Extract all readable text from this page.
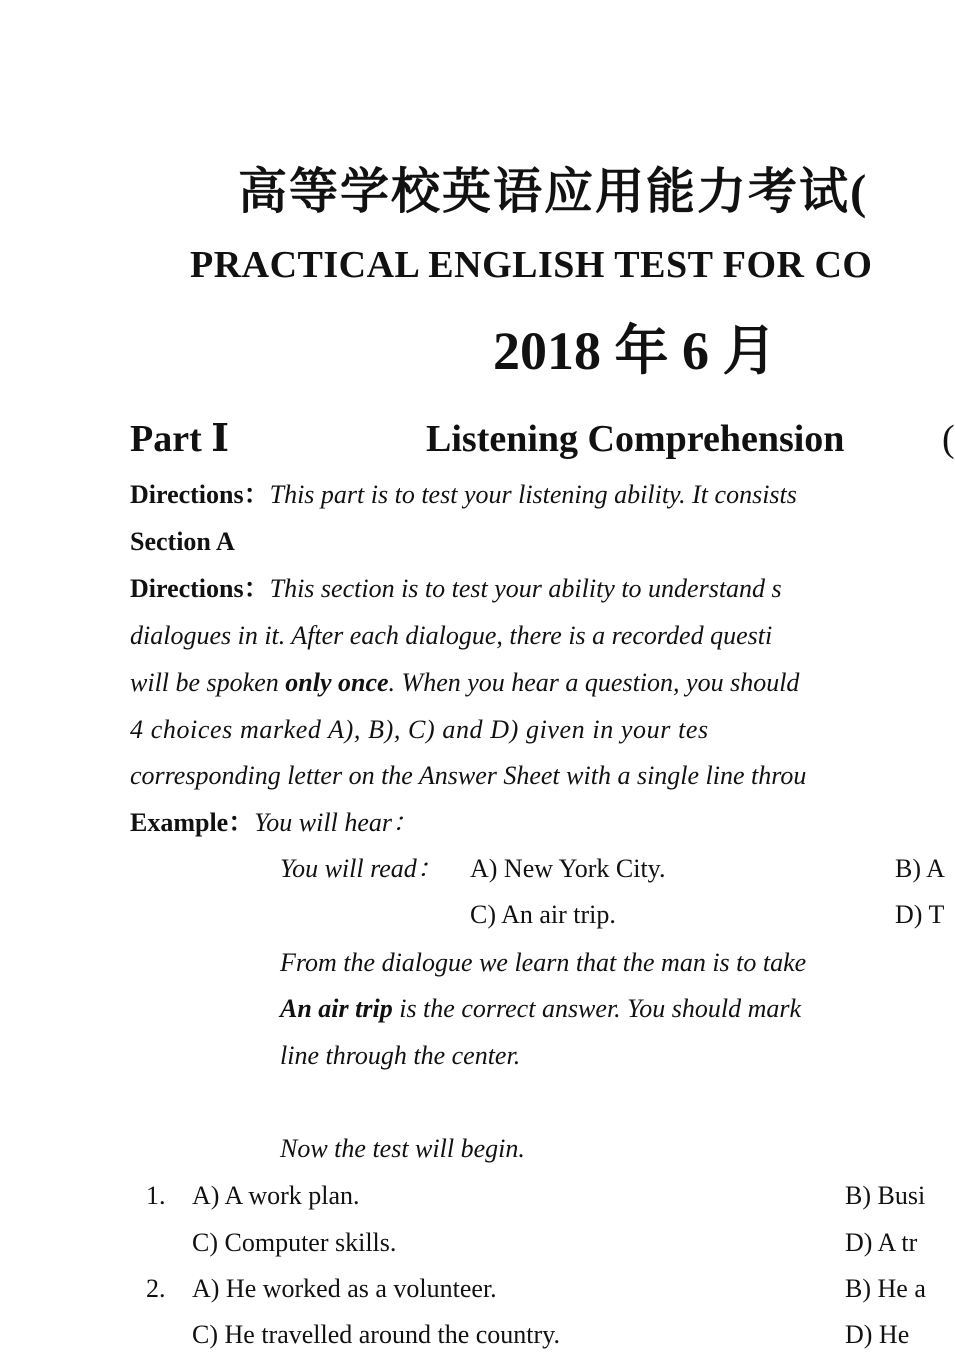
高等学校英语应用能力考试(
PRACTICAL ENGLISH TEST FOR CO
2018 年 6 月
Part Ⅰ	Listening Comprehension	(
Directions：This part is to test your listening ability. It consists
Section A
Directions：This section is to test your ability to understand s
dialogues in it. After each dialogue, there is a recorded questi
will be spoken only once. When you hear a question, you should
4 choices marked A), B), C) and D) given in your tes
corresponding letter on the Answer Sheet with a single line throu
Example：You will hear：
You will read： A) New York City.	B) A
C) An air trip.	D) T
From the dialogue we learn that the man is to take
An air trip is the correct answer. You should mark
line through the center.
Now the test will begin.
1. A) A work plan.	B) Busi
C) Computer skills.	D) A tr
2. A) He worked as a volunteer.	B) He a
C) He travelled around the country.	D) He
